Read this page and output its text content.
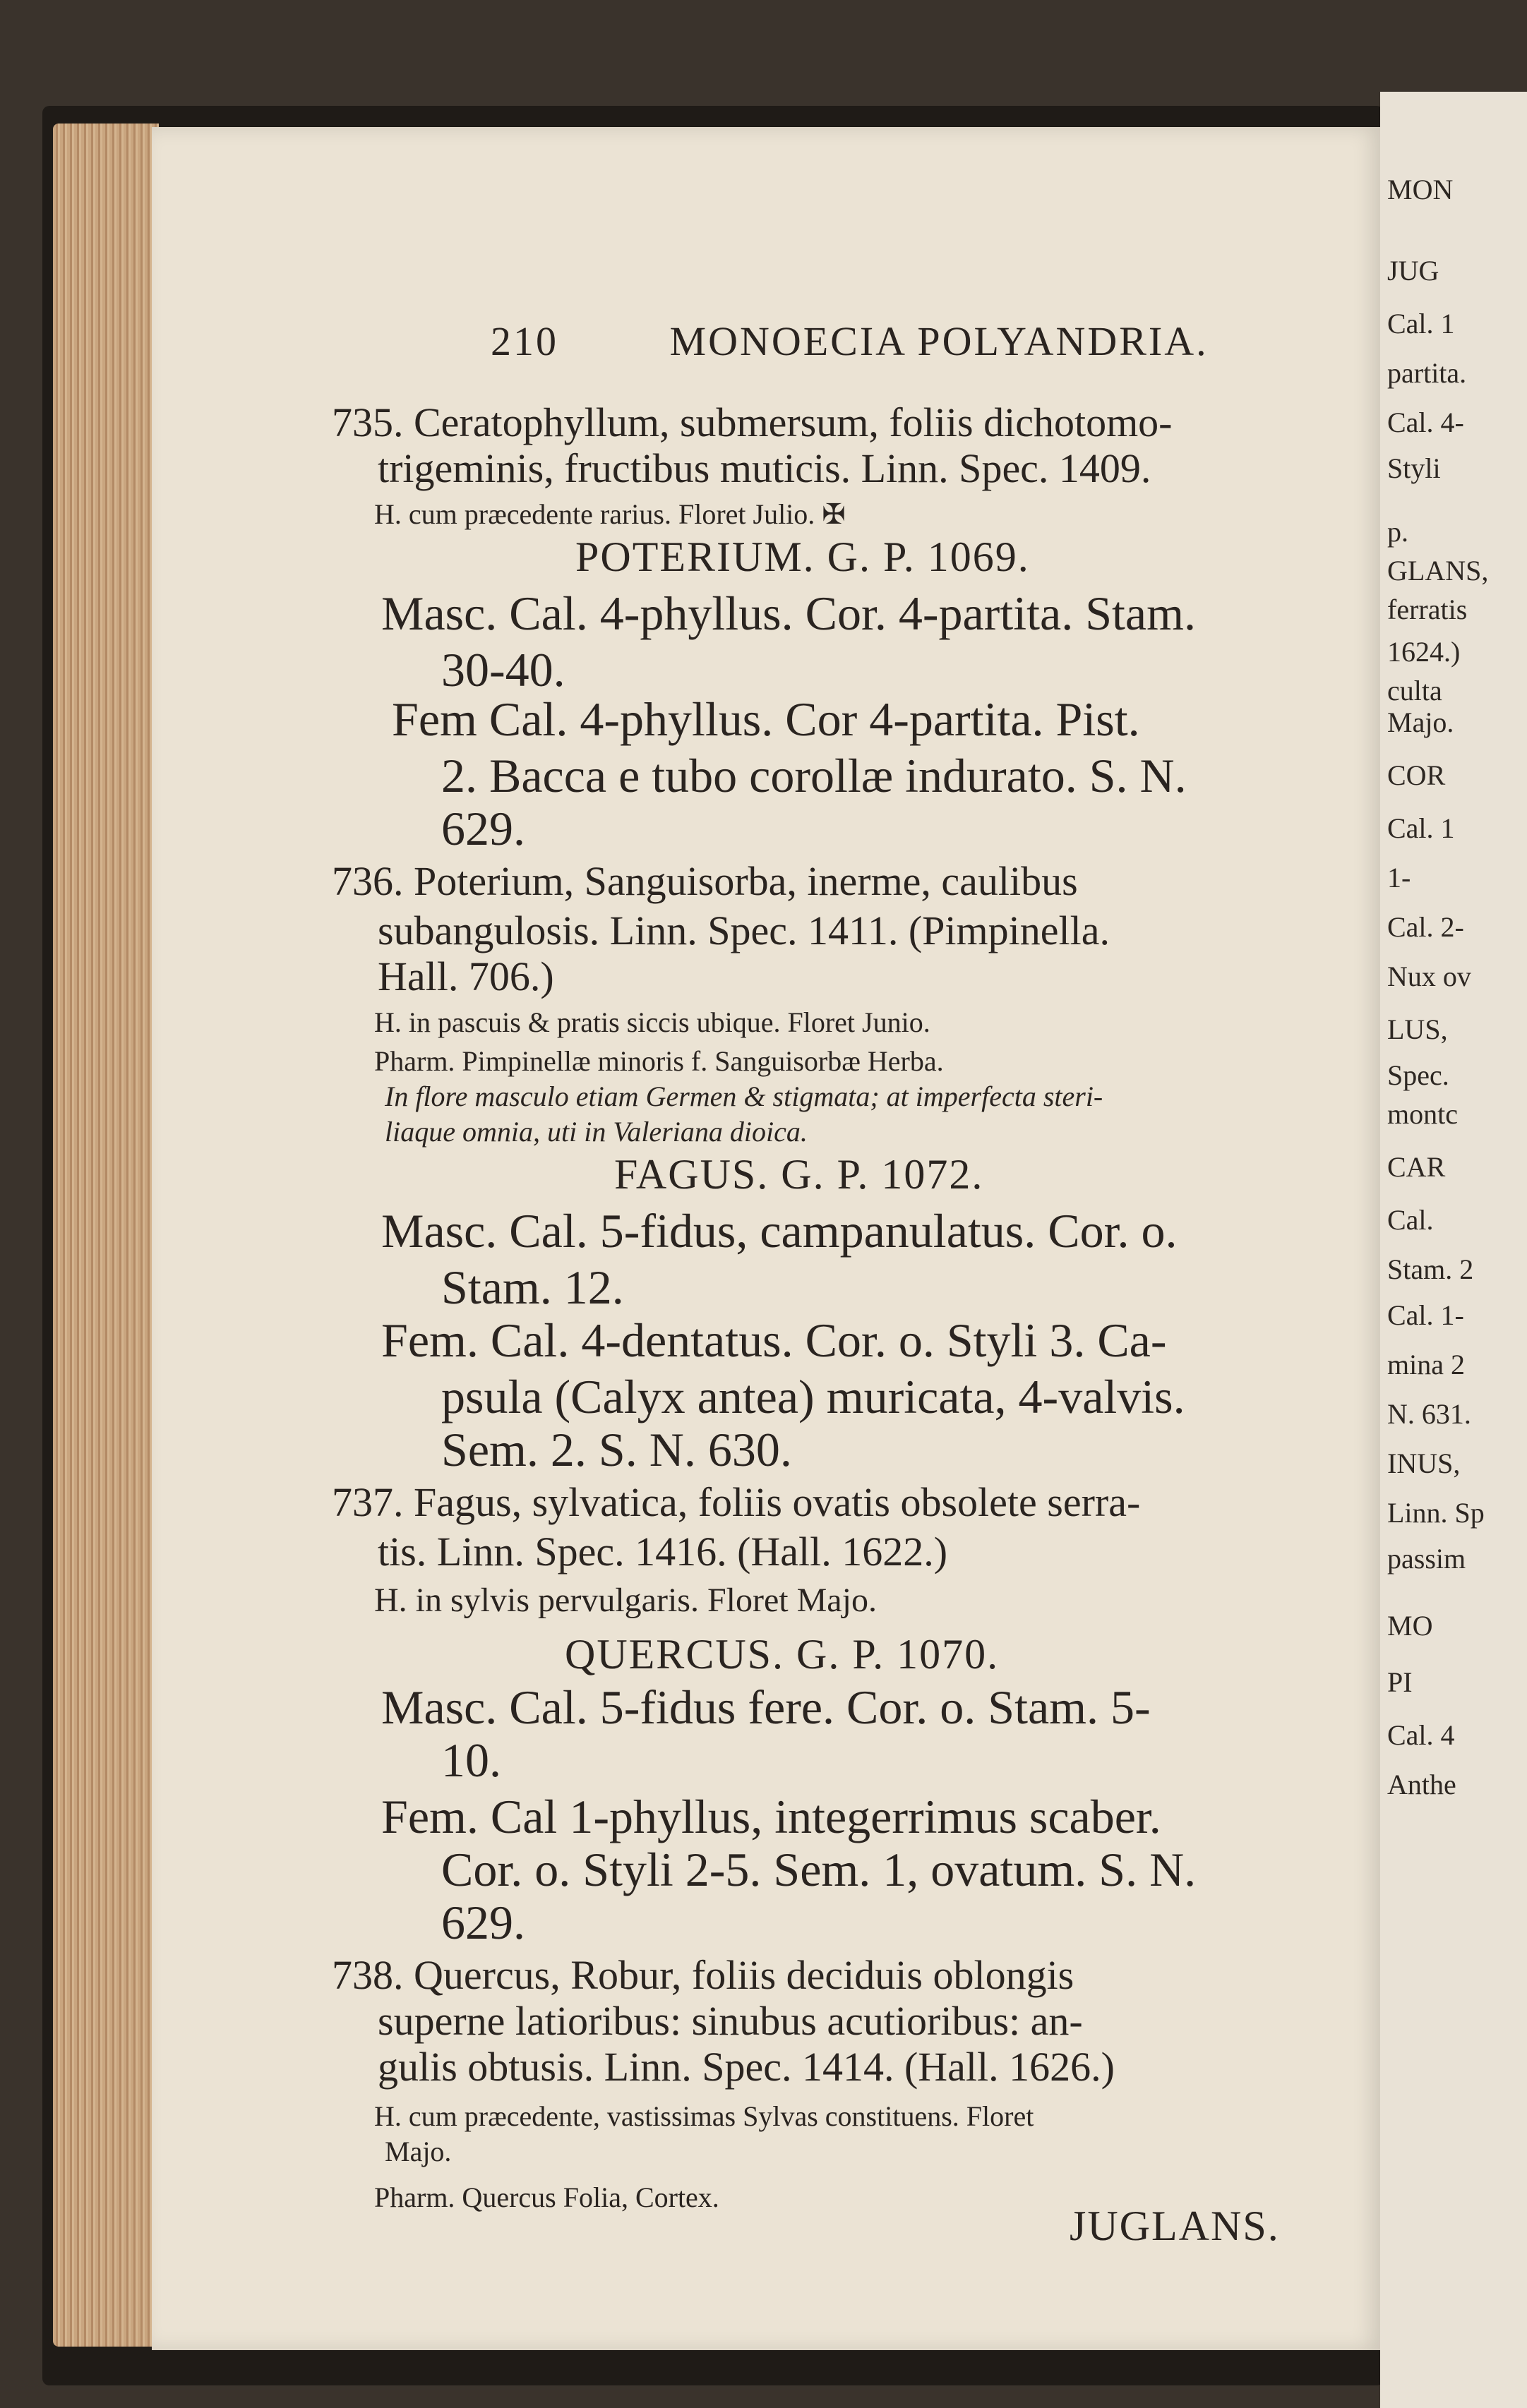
210	MONOECIA POLYANDRIA.
735. Ceratophyllum, submersum, foliis dichotomo-
trigeminis, fructibus muticis. Linn. Spec. 1409.
H. cum præcedente rarius. Floret Julio. ✠
POTERIUM. G. P. 1069.
Masc. Cal. 4-phyllus. Cor. 4-partita. Stam.
30-40.
Fem Cal. 4-phyllus. Cor 4-partita. Pist.
2. Bacca e tubo corollæ indurato. S. N.
629.
736. Poterium, Sanguisorba, inerme, caulibus
subangulosis. Linn. Spec. 1411. (Pimpinella.
Hall. 706.)
H. in pascuis & pratis siccis ubique. Floret Junio.
Pharm. Pimpinellæ minoris f. Sanguisorbæ Herba.
In flore masculo etiam Germen & stigmata; at imperfecta steri-
liaque omnia, uti in Valeriana dioica.
FAGUS. G. P. 1072.
Masc. Cal. 5-fidus, campanulatus. Cor. o.
Stam. 12.
Fem. Cal. 4-dentatus. Cor. o. Styli 3. Ca-
psula (Calyx antea) muricata, 4-valvis.
Sem. 2. S. N. 630.
737. Fagus, sylvatica, foliis ovatis obsolete serra-
tis. Linn. Spec. 1416. (Hall. 1622.)
H. in sylvis pervulgaris. Floret Majo.
QUERCUS. G. P. 1070.
Masc. Cal. 5-fidus fere. Cor. o. Stam. 5-
10.
Fem. Cal 1-phyllus, integerrimus scaber.
Cor. o. Styli 2-5. Sem. 1, ovatum. S. N.
629.
738. Quercus, Robur, foliis deciduis oblongis
superne latioribus: sinubus acutioribus: an-
gulis obtusis. Linn. Spec. 1414. (Hall. 1626.)
H. cum præcedente, vastissimas Sylvas constituens. Floret
Majo.
Pharm. Quercus Folia, Cortex.
JUGLANS.
MON
JUG
Cal. 1
partita.
Cal. 4-
Styli
p.
GLANS,
ferratis
1624.)
culta
Majo.
COR
Cal. 1
1-
Cal. 2-
Nux ov
LUS,
Spec.
montc
CAR
Cal.
Stam. 2
Cal. 1-
mina 2
N. 631.
INUS,
Linn. Sp
passim
MO
PI
Cal. 4
Anthe
